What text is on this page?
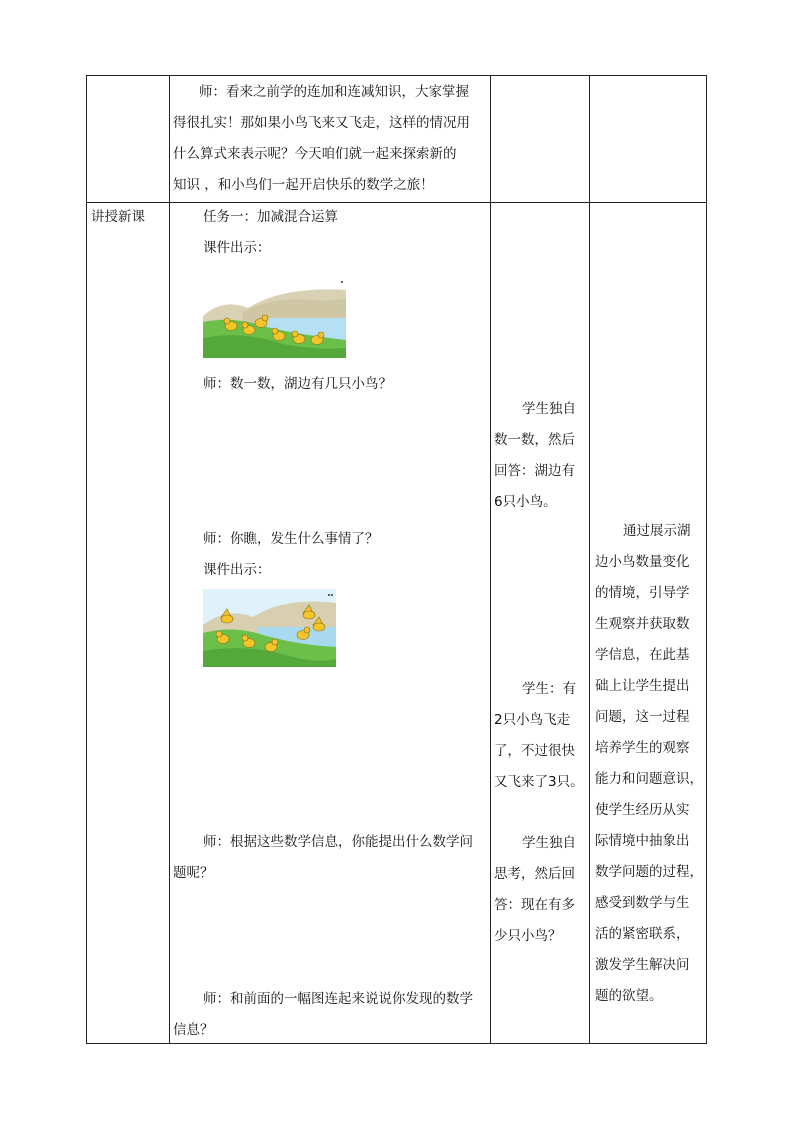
师：看来之前学的连加和连减知识，大家掌握
得很扎实！那如果小鸟飞来又飞走，这样的情况用
什么算式来表示呢？今天咱们就一起来探索新的
知识 ，和小鸟们一起开启快乐的数学之旅！
讲授新课	任务一：加减混合运算
课件出示：
师：数一数，湖边有几只小鸟？
师：你瞧，发生什么事情了？
课件出示：
师：根据这些数学信息，你能提出什么数学问
题呢？
师：和前面的一幅图连起来说说你发现的数学
信息？
学生独自
数一数，然后
回答：湖边有
6只小鸟。
学生：有
2只小鸟飞走
了，不过很快
又飞来了3只。
学生独自
思考，然后回
答：现在有多
少只小鸟？
通过展示湖
边小鸟数量变化
的情境，引导学
生观察并获取数
学信息，在此基
础上让学生提出
问题，这一过程
培养学生的观察
能力和问题意识，
使学生经历从实
际情境中抽象出
数学问题的过程，
感受到数学与生
活的紧密联系，
激发学生解决问
题的欲望。
